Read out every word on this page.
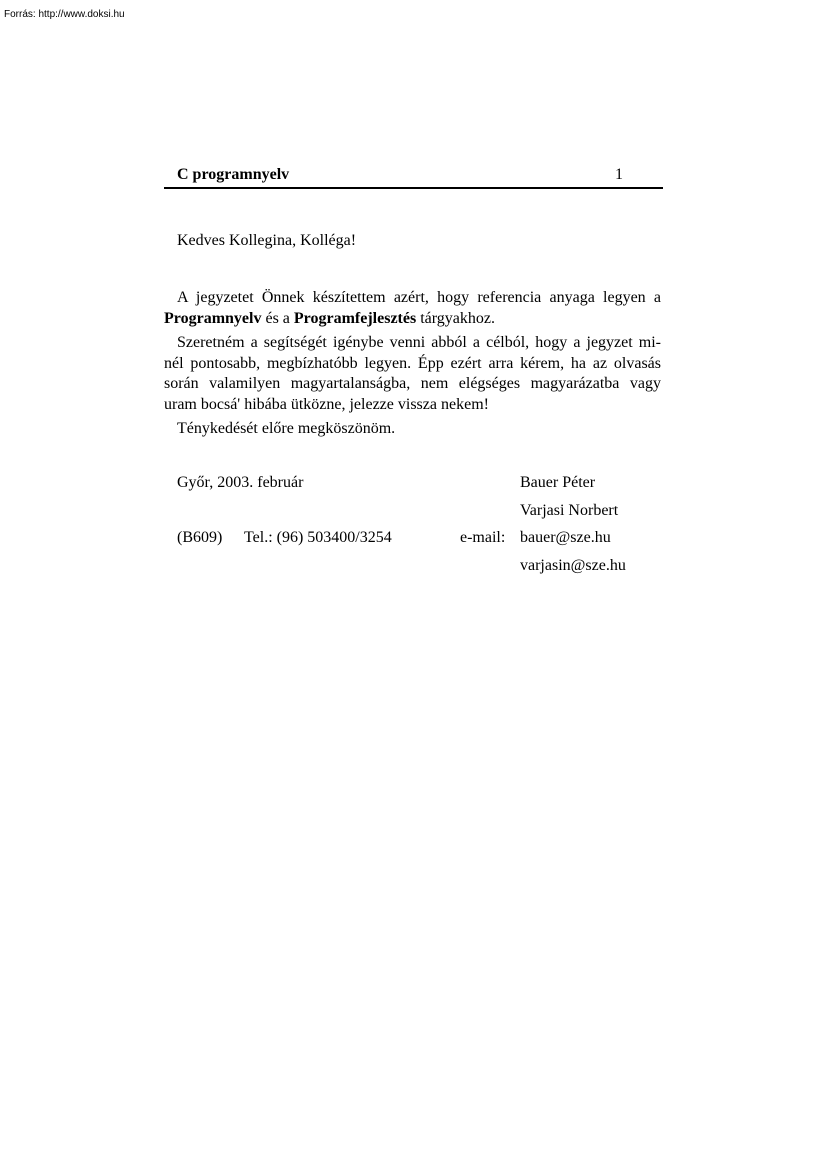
Forrás: http://www.doksi.hu
C programnyelv	1
Kedves Kollegina, Kolléga!
A jegyzetet Önnek készítettem azért, hogy referencia anyaga legyen a
Programnyelv és a Programfejlesztés tárgyakhoz.
Szeretném a segítségét igénybe venni abból a célból, hogy a jegyzet mi-
nél pontosabb, megbízhatóbb legyen. Épp ezért arra kérem, ha az olvasás
során valamilyen magyartalanságba, nem elégséges magyarázatba vagy
uram bocsá' hibába ütközne, jelezze vissza nekem!
Ténykedését előre megköszönöm.
Győr, 2003. február	Bauer Péter
Varjasi Norbert
(B609) Tel.: (96) 503400/3254	e-mail: bauer@sze.hu
varjasin@sze.hu
